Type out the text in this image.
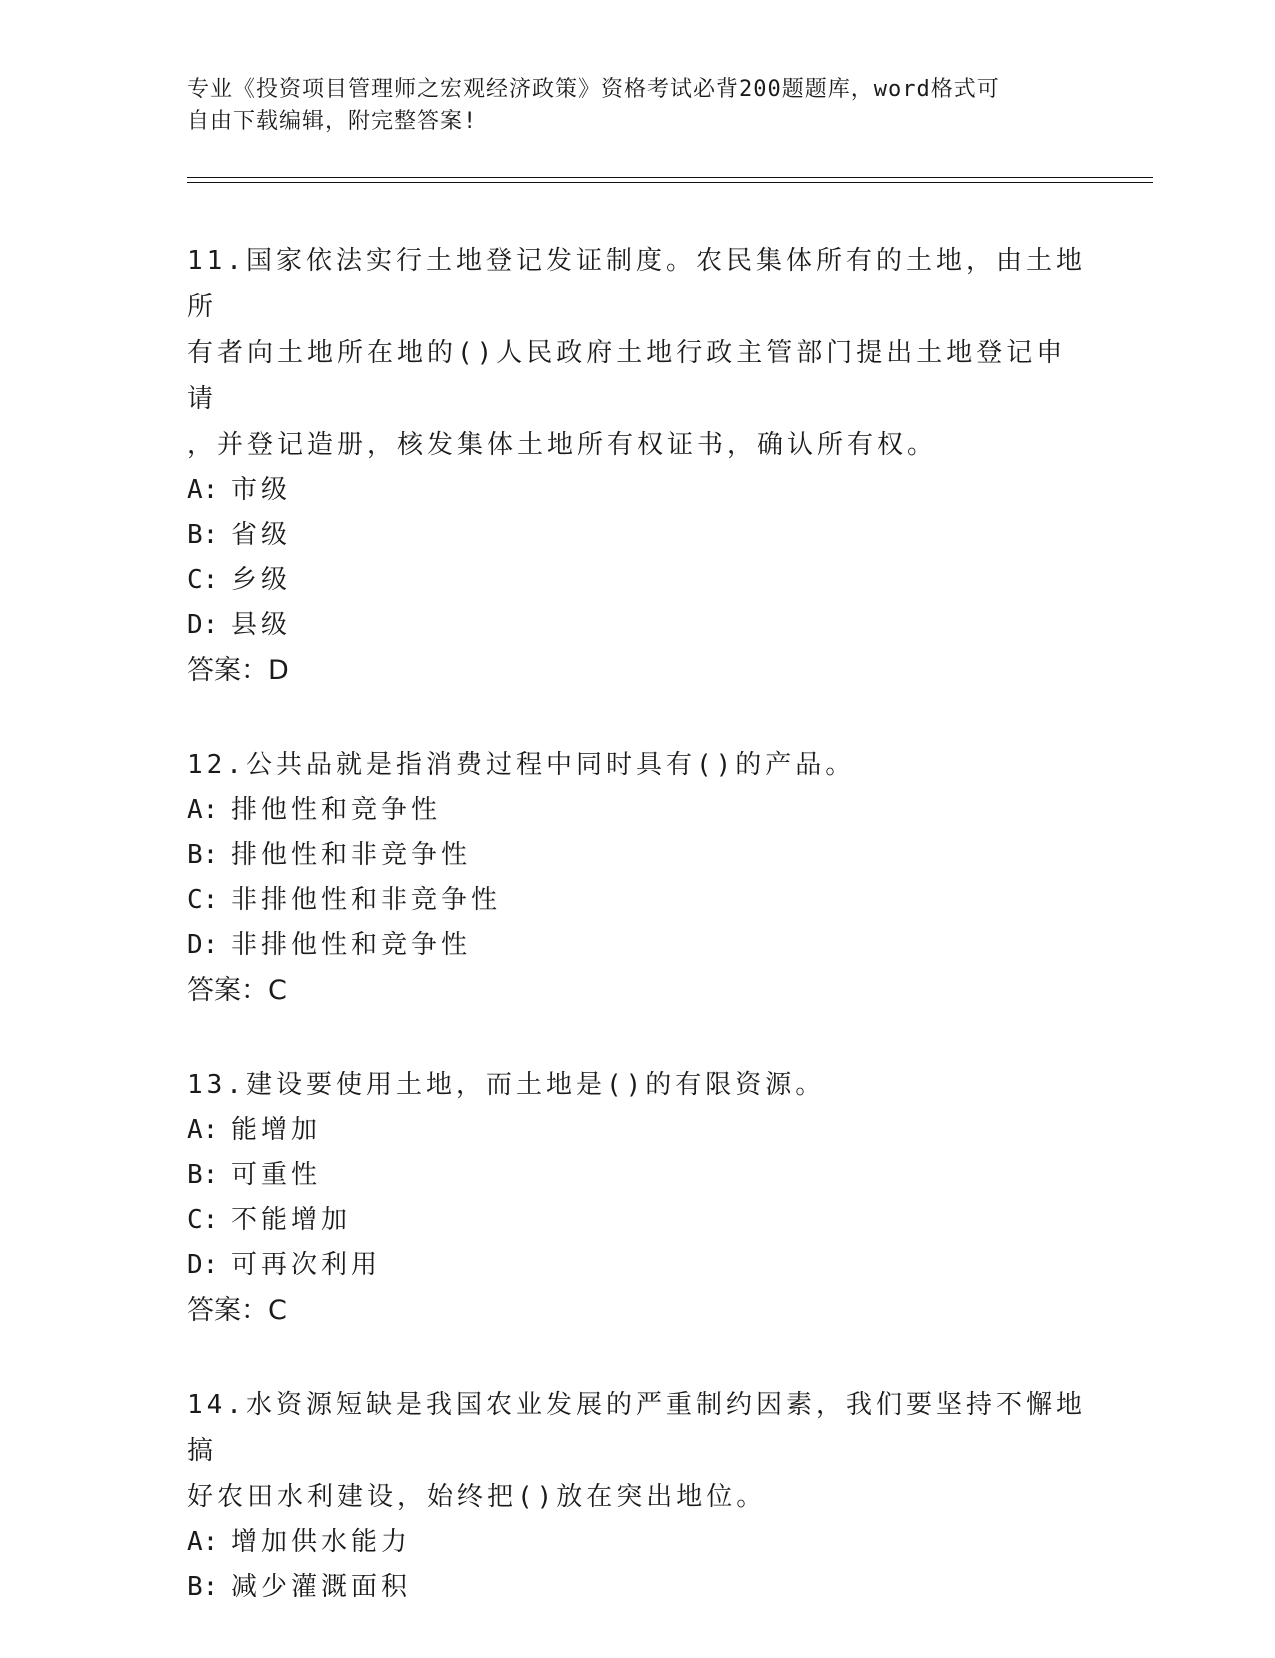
专业《投资项目管理师之宏观经济政策》资格考试必背200题题库，word格式可
自由下载编辑，附完整答案!
11.国家依法实行土地登记发证制度。农民集体所有的土地，由土地所
有者向土地所在地的()人民政府土地行政主管部门提出土地登记申请
，并登记造册，核发集体土地所有权证书，确认所有权。
A: 市级
B: 省级
C: 乡级
D: 县级
答案：D
12.公共品就是指消费过程中同时具有()的产品。
A: 排他性和竞争性
B: 排他性和非竞争性
C: 非排他性和非竞争性
D: 非排他性和竞争性
答案：C
13.建设要使用土地，而土地是()的有限资源。
A: 能增加
B: 可重性
C: 不能增加
D: 可再次利用
答案：C
14.水资源短缺是我国农业发展的严重制约因素，我们要坚持不懈地搞
好农田水利建设，始终把()放在突出地位。
A: 增加供水能力
B: 减少灌溉面积
